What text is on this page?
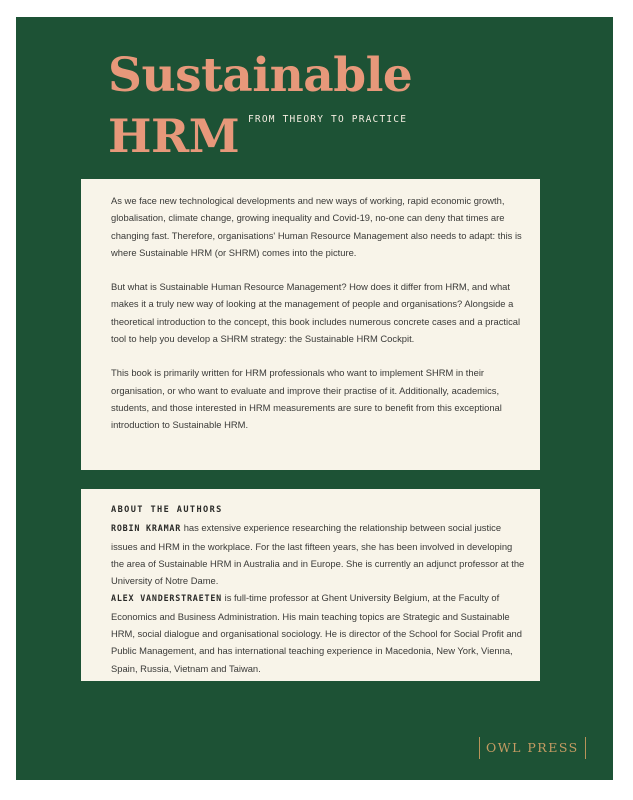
Sustainable
HRM FROM THEORY TO PRACTICE

As we face new technological developments and new ways of working, rapid economic growth, globalisation, climate change, growing inequality and Covid-19, no-one can deny that times are changing fast. Therefore, organisations' Human Resource Management also needs to adapt: this is where Sustainable HRM (or SHRM) comes into the picture.

But what is Sustainable Human Resource Management? How does it differ from HRM, and what makes it a truly new way of looking at the management of people and organisations? Alongside a theoretical introduction to the concept, this book includes numerous concrete cases and a practical tool to help you develop a SHRM strategy: the Sustainable HRM Cockpit.

This book is primarily written for HRM professionals who want to implement SHRM in their organisation, or who want to evaluate and improve their practise of it. Additionally, academics, students, and those interested in HRM measurements are sure to benefit from this exceptional introduction to Sustainable HRM.

ABOUT THE AUTHORS

ROBIN KRAMAR has extensive experience researching the relationship between social justice issues and HRM in the workplace. For the last fifteen years, she has been involved in developing the area of Sustainable HRM in Australia and in Europe. She is currently an adjunct professor at the University of Notre Dame.

ALEX VANDERSTRAETEN is full-time professor at Ghent University Belgium, at the Faculty of Economics and Business Administration. His main teaching topics are Strategic and Sustainable HRM, social dialogue and organisational sociology. He is director of the School for Social Profit and Public Management, and has international teaching experience in Macedonia, New York, Vienna, Spain, Russia, Vietnam and Taiwan.

OWL PRESS
